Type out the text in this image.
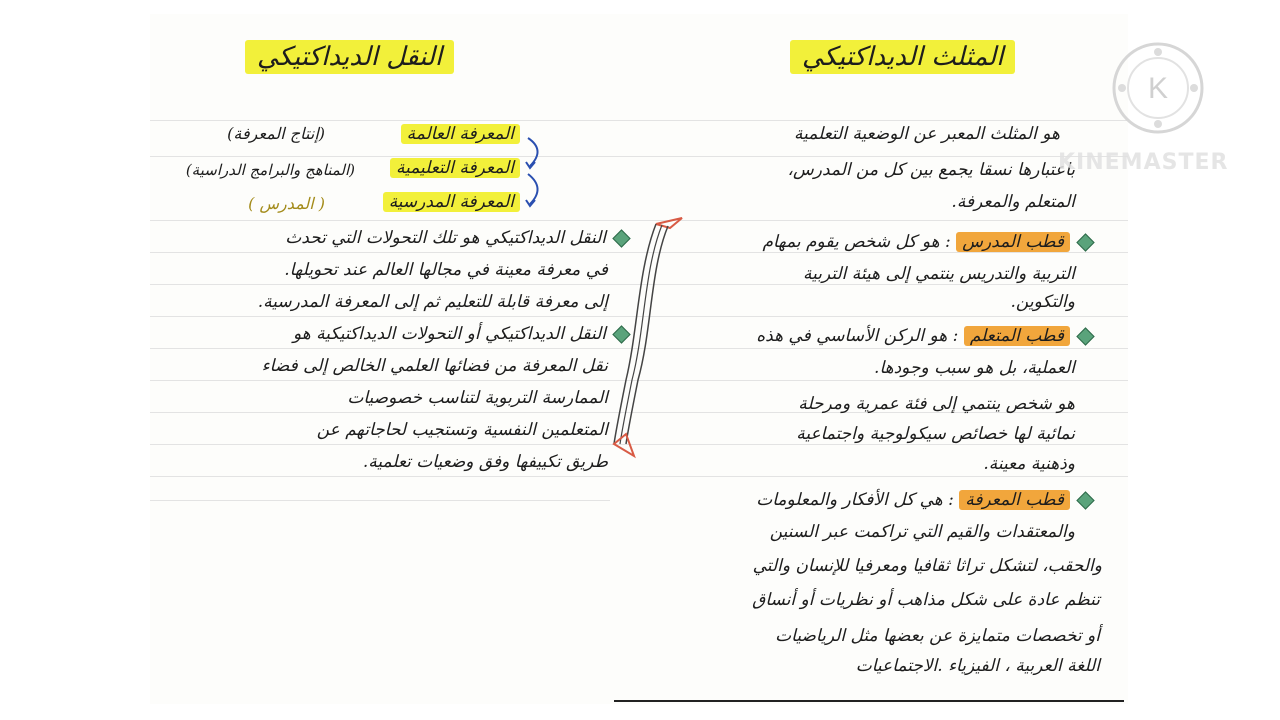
النقل الديداكتيكي
المعرفة العالمة
(إنتاج المعرفة)
المعرفة التعليمية
(المناهج والبرامج الدراسية)
المعرفة المدرسية
( المدرس )
النقل الديداكتيكي هو تلك التحولات التي تحدث
في معرفة معينة في مجالها العالم عند تحويلها.
إلى معرفة قابلة للتعليم ثم إلى المعرفة المدرسية.
النقل الديداكتيكي أو التحولات الديداكتيكية هو
نقل المعرفة من فضائها العلمي الخالص إلى فضاء
الممارسة التربوية لتناسب خصوصيات
المتعلمين النفسية وتستجيب لحاجاتهم عن
طريق تكييفها وفق وضعيات تعلمية.
المثلث الديداكتيكي
هو المثلث المعبر عن الوضعية التعلمية
باعتبارها نسقا يجمع بين كل من المدرس،
المتعلم والمعرفة.
قطب المدرس : هو كل شخص يقوم بمهام
التربية والتدريس ينتمي إلى هيئة التربية
والتكوين.
قطب المتعلم : هو الركن الأساسي في هذه
العملية، بل هو سبب وجودها.
هو شخص ينتمي إلى فئة عمرية ومرحلة
نمائية لها خصائص سيكولوجية واجتماعية
وذهنية معينة.
قطب المعرفة : هي كل الأفكار والمعلومات
والمعتقدات والقيم التي تراكمت عبر السنين
والحقب، لتشكل تراثا ثقافيا ومعرفيا للإنسان والتي
تنظم عادة على شكل مذاهب أو نظريات أو أنساق
أو تخصصات متمايزة عن بعضها مثل الرياضيات
اللغة العربية ، الفيزياء .الاجتماعيات
K
KINEMASTER
